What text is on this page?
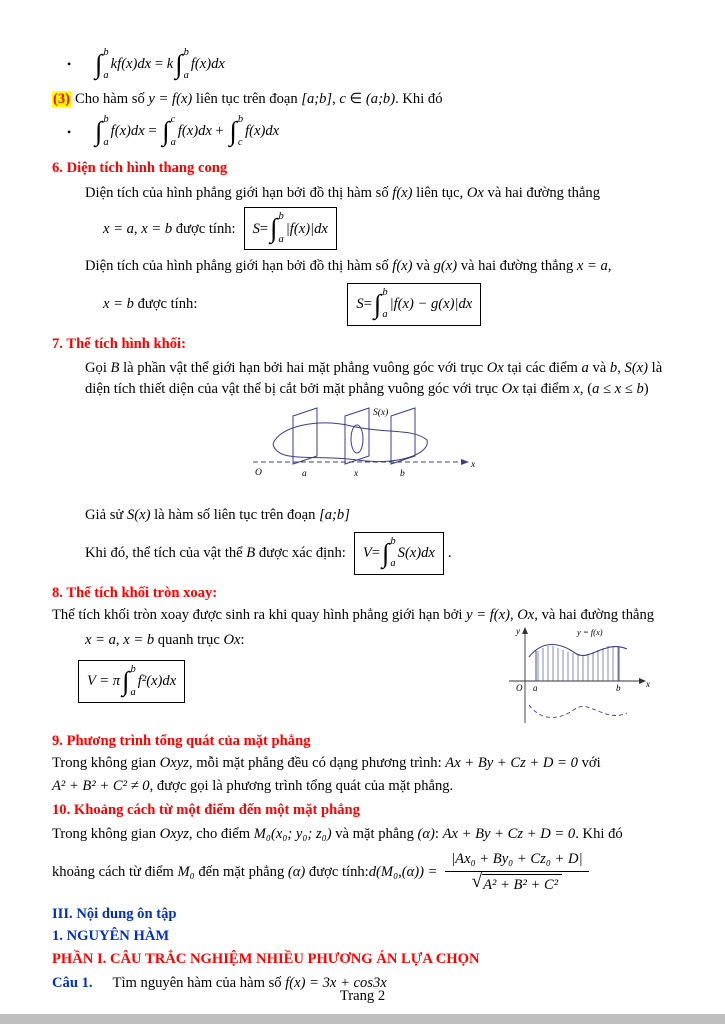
• ∫ b
a
kf(x)dx = k ∫ b
a
f(x)dx

(3) Cho hàm số y = f(x) liên tục trên đoạn [a;b], c ∈ (a;b). Khi đó

• ∫ b
a
f(x)dx = ∫ c
a
f(x)dx + ∫ b
c
f(x)dx

6. Diện tích hình thang cong

Diện tích của hình phẳng giới hạn bởi đồ thị hàm số f(x) liên tục, Ox và hai đường thẳng

x = a, x = b được tính: S = ∫ b
a
|f(x)|dx

Diện tích của hình phẳng giới hạn bởi đồ thị hàm số f(x) và g(x) và hai đường thẳng x = a,

x = b được tính:	S = ∫ b
a
|f(x) − g(x)|dx

7. Thể tích hình khối:

Gọi B là phần vật thể giới hạn bởi hai mặt phẳng vuông góc với trục Ox tại các điểm a và b, S(x) là diện tích thiết diện của vật thể bị cắt bởi mặt phẳng vuông góc với trục Ox tại điểm x, (a ≤ x ≤ b)

S(x)
O	a	x	b
x

Giả sử S(x) là hàm số liên tục trên đoạn [a;b]

Khi đó, thể tích của vật thể B được xác định: V = ∫ b
a
S(x)dx .

8. Thể tích khối tròn xoay:

Thể tích khối tròn xoay được sinh ra khi quay hình phẳng giới hạn bởi y = f(x), Ox, và hai đường thẳng

x = a, x = b quanh trục Ox:

V = π ∫ b
a
f²(x)dx
y
O a	b	x
y = f(x)

9. Phương trình tổng quát của mặt phẳng

Trong không gian Oxyz, mỗi mặt phẳng đều có dạng phương trình: Ax + By + Cz + D = 0 với

A² + B² + C² ≠ 0, được gọi là phương trình tổng quát của mặt phẳng.

10. Khoảng cách từ một điểm đến một mặt phẳng

Trong không gian Oxyz, cho điểm M₀(x₀; y₀; z₀) và mặt phẳng (α): Ax + By + Cz + D = 0. Khi đó

khoảng cách từ điểm M₀ đến mặt phẳng (α) được tính: $d(M_0,(\alpha)) = \frac{\text{|Ax₀ + By₀ + Cz₀ + D|}}{\text{√ A² + B² + C²}}$

III. Nội dung ôn tập

1. NGUYÊN HÀM

PHẦN I. CÂU TRẮC NGHIỆM NHIỀU PHƯƠNG ÁN LỰA CHỌN

Câu 1. Tìm nguyên hàm của hàm số f(x) = 3x + cos3x

Trang 2
